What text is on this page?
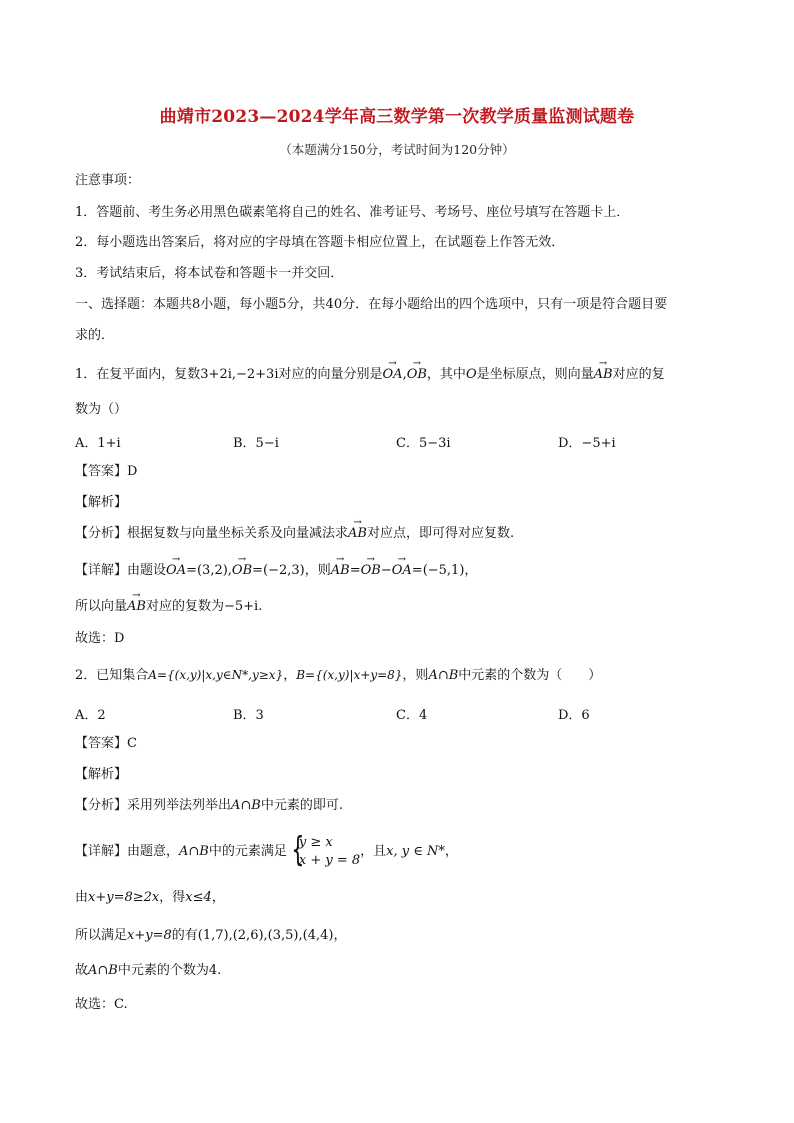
曲靖市2023—2024学年高三数学第一次教学质量监测试题卷
（本题满分150分，考试时间为120分钟）
注意事项：
1．答题前、考生务必用黑色碳素笔将自己的姓名、准考证号、考场号、座位号填写在答题卡上．
2．每小题选出答案后，将对应的字母填在答题卡相应位置上，在试题卷上作答无效．
3．考试结束后，将本试卷和答题卡一并交回．
一、选择题：本题共8小题，每小题5分，共40分．在每小题给出的四个选项中，只有一项是符合题目要
求的．
1．在复平面内，复数3+2i,−2+3i对应的向量分别是→ OA,→ OB，其中O是坐标原点，则向量→ AB对应的复
数为（）
A．1+i	B．5−i	C．5−3i	D．−5+i
【答案】D
【解析】
【分析】根据复数与向量坐标关系及向量减法求→ AB对应点，即可得对应复数.
【详解】由题设→ OA=(3,2),→ OB=(−2,3)，则→ AB=→ OB−→ OA=(−5,1)，
所以向量→ AB对应的复数为−5+i.
故选：D
2．已知集合A={(x,y)|x,y∈N*,y≥x}，B={(x,y)|x+y=8}，则A∩B中元素的个数为（　　）
A．2	B．3	C．4	D．6
【答案】C
【解析】
【分析】采用列举法列举出A∩B中元素的即可.
【详解】由题意，A∩B中的元素满足 {
y ≥ x
x + y = 8
，且x, y ∈ N*，
由x+y=8≥2x，得x≤4，
所以满足x+y=8的有(1,7),(2,6),(3,5),(4,4)，
故A∩B中元素的个数为4.
故选：C.
